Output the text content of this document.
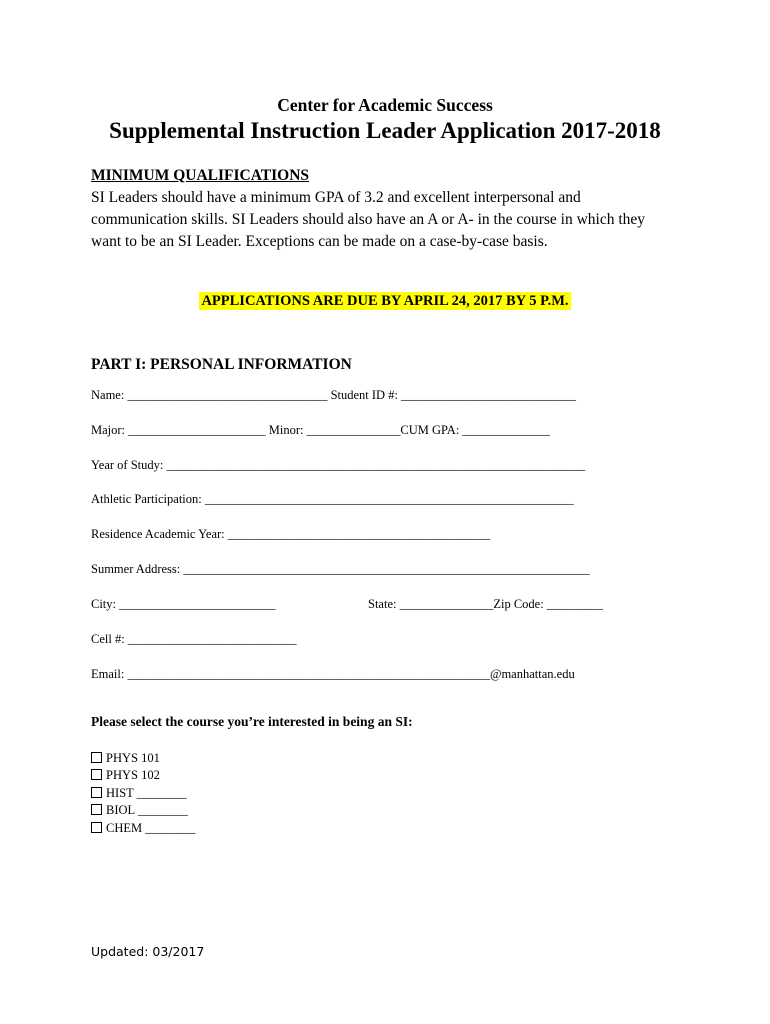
Center for Academic Success
Supplemental Instruction Leader Application 2017-2018
MINIMUM QUALIFICATIONS
SI Leaders should have a minimum GPA of 3.2 and excellent interpersonal and communication skills. SI Leaders should also have an A or A- in the course in which they want to be an SI Leader. Exceptions can be made on a case-by-case basis.
APPLICATIONS ARE DUE BY APRIL 24, 2017 BY 5 P.M.
PART I: PERSONAL INFORMATION
Name: ________________________________ Student ID #: ____________________________
Major: ______________________ Minor: _______________CUM GPA: ______________
Year of Study: ___________________________________________________________________
Athletic Participation: ___________________________________________________________
Residence Academic Year: __________________________________________
Summer Address: _________________________________________________________________
City: _________________________	State: _______________Zip Code: _________
Cell #: ___________________________
Email: __________________________________________________________@manhattan.edu
Please select the course you’re interested in being an SI:
PHYS 101
PHYS 102
HIST ________
BIOL ________
CHEM ________
Updated: 03/2017
